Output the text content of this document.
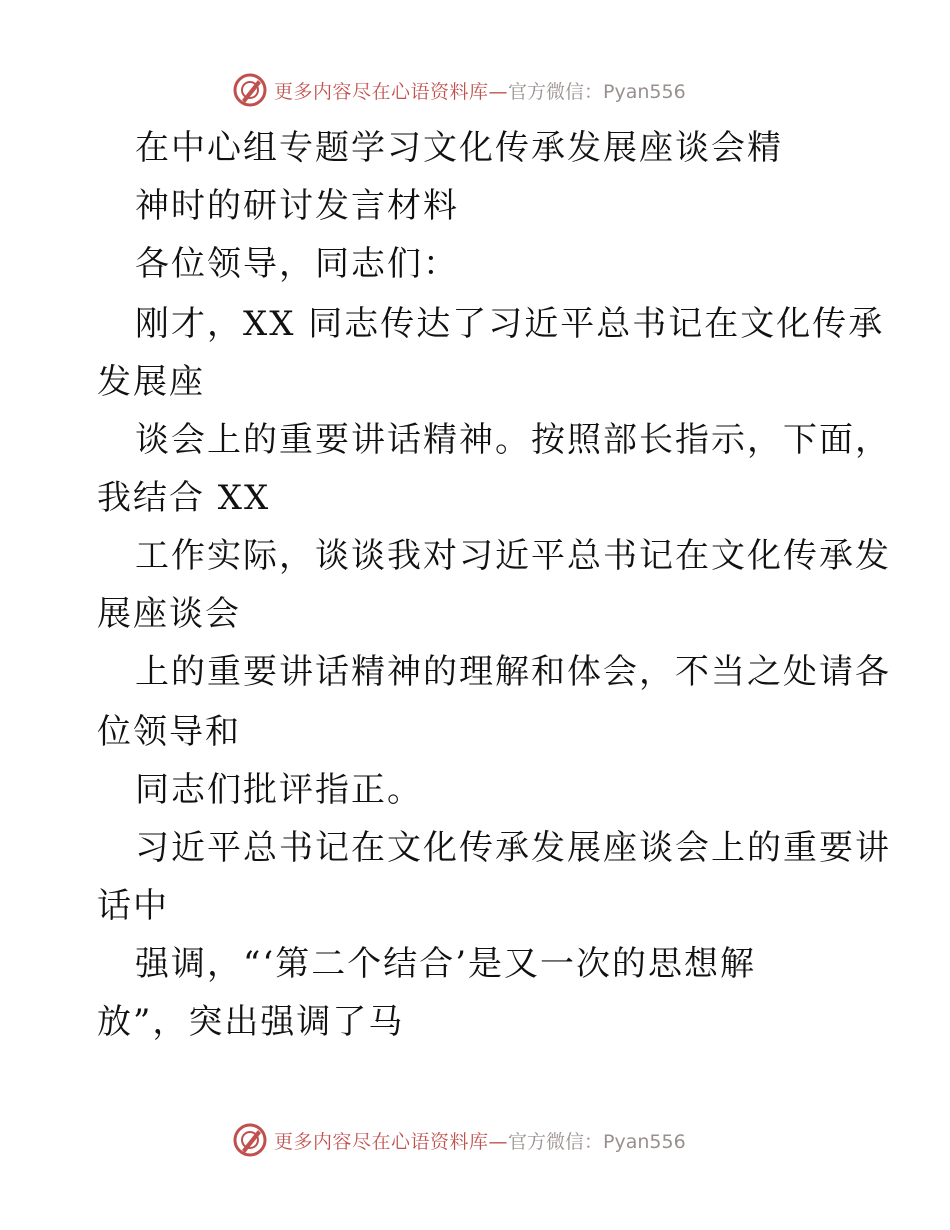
更多内容尽在心语资料库— 官方微信：Pyan556
在中心组专题学习文化传承发展座谈会精
神时的研讨发言材料
各位领导，同志们：
刚才，XX 同志传达了习近平总书记在文化传承
发展座
谈会上的重要讲话精神。按照部长指示，下面，
我结合 XX
工作实际，谈谈我对习近平总书记在文化传承发
展座谈会
上的重要讲话精神的理解和体会，不当之处请各
位领导和
同志们批评指正。
习近平总书记在文化传承发展座谈会上的重要讲
话中
强调，“‘第二个结合’是又一次的思想解
放”，突出强调了马
更多内容尽在心语资料库— 官方微信：Pyan556
